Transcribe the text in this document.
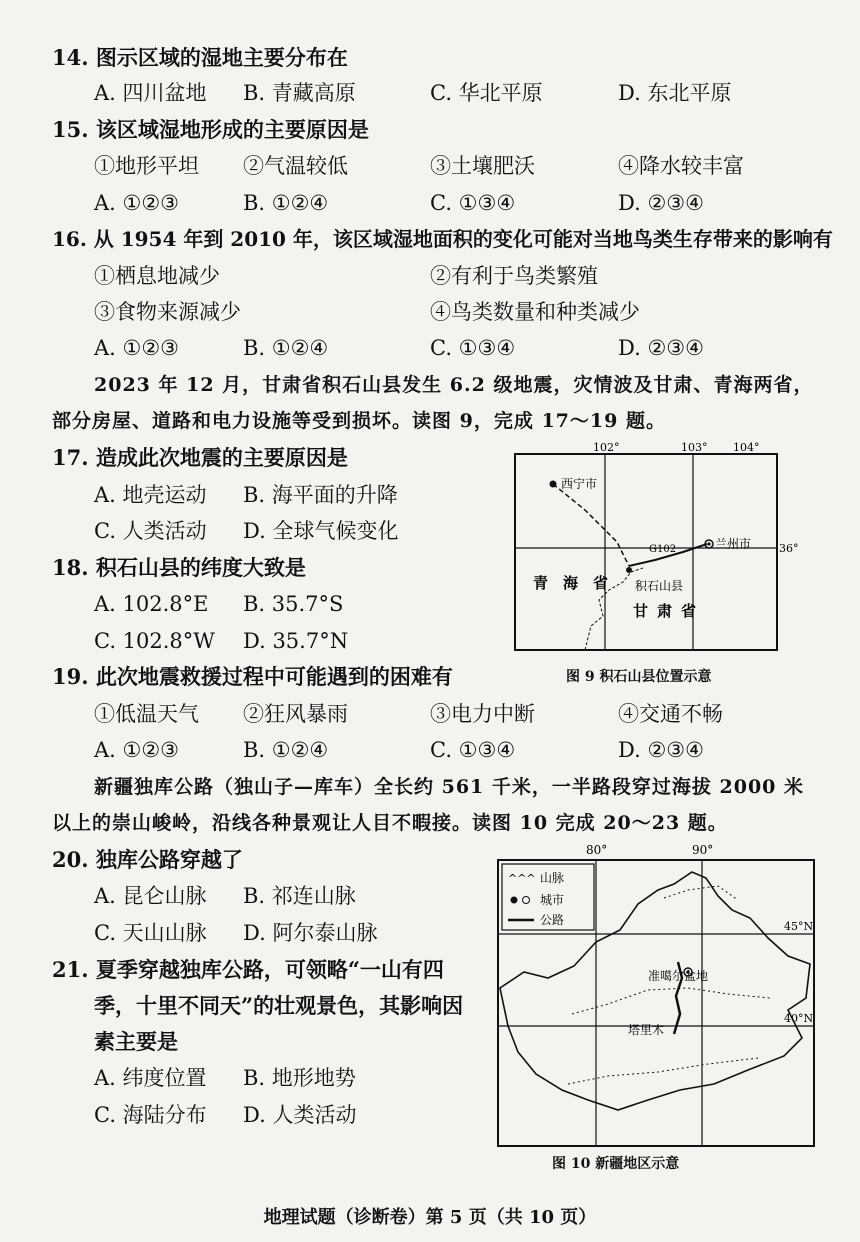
14. 图示区域的湿地主要分布在
A. 四川盆地 B. 青藏高原	C. 华北平原	D. 东北平原
15. 该区域湿地形成的主要原因是
①地形平坦 ②气温较低	③土壤肥沃	④降水较丰富
A. ①②③	B. ①②④	C. ①③④	D. ②③④
16. 从 1954 年到 2010 年，该区域湿地面积的变化可能对当地鸟类生存带来的影响有
①栖息地减少	②有利于鸟类繁殖
③食物来源减少	④鸟类数量和种类减少
A. ①②③	B. ①②④	C. ①③④	D. ②③④
2023 年 12 月，甘肃省积石山县发生 6.2 级地震，灾情波及甘肃、青海两省，
部分房屋、道路和电力设施等受到损坏。读图 9，完成 17～19 题。
17. 造成此次地震的主要原因是
A. 地壳运动 B. 海平面的升降
C. 人类活动 D. 全球气候变化
18. 积石山县的纬度大致是
A. 102.8°E B. 35.7°S
C. 102.8°W D. 35.7°N
19. 此次地震救援过程中可能遇到的困难有
①低温天气 ②狂风暴雨	③电力中断	④交通不畅
A. ①②③	B. ①②④	C. ①③④	D. ②③④
新疆独库公路（独山子—库车）全长约 561 千米，一半路段穿过海拔 2000 米
以上的崇山峻岭，沿线各种景观让人目不暇接。读图 10 完成 20～23 题。
20. 独库公路穿越了
A. 昆仑山脉 B. 祁连山脉
C. 天山山脉 D. 阿尔泰山脉
21. 夏季穿越独库公路，可领略“一山有四
季，十里不同天”的壮观景色，其影响因
素主要是
A. 纬度位置 B. 地形地势
C. 海陆分布 D. 人类活动
102°	103° 104°
36°
西宁市
兰州市
G102
积石山县
青 海 省
甘 肃 省
图 9 积石山县位置示意
80°	90°
45°N
40°N
^^^ 山脉
城市
公路
准噶尔盆地
塔里木
图 10 新疆地区示意
地理试题（诊断卷）第 5 页（共 10 页）
